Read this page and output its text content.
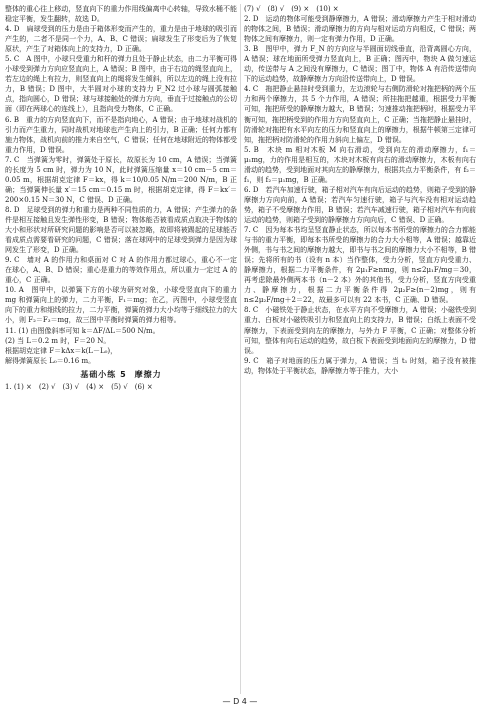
整体的重心往上移动，竖直向下的重力作用线偏离中心转轴，导致水桶不能稳定平衡，发生翻转，故选 D。

4. D　扁球受到的压力是由于箱体形变而产生的，重力是由于地球的吸引而产生的，二者不是同一个力，A、B、C 错误；扁球发生了形变后为了恢复原状，产生了对箱体向上的支持力，D 正确。

5. C　A 图中，小球只受重力和杆的弹力且处于静止状态，由二力平衡可得小球受到弹力方向应竖直向上，A 错误；B 图中，由于右边的绳竖直向上，若左边的绳上有拉力，则竖直向上的绳将发生倾斜，所以左边的绳上没有拉力，B 错误；D 图中，大半圆对小球的支持力 F_N2 过小球与圆弧接触点，指向圆心，D 错误；球与球接触处的弹力方向，垂直于过接触点的公切面（即在两球心的连线上），且指向受力物体，C 正确。

6. B　重力的方向竖直向下，而不是指向地心，A 错误；由于地球对战机的引力而产生重力，同时战机对地球也产生向上的引力，B 正确；任何力都有施力物体，战机向前的推力来自空气，C 错误；任何在地球附近的物体都受重力作用，D 错误。

7. C　当弹簧为零时，弹簧处于原长，故原长为 10 cm，A 错误；当弹簧的长度为 5 cm 时，弹力为 10 N，此时弹簧压缩量 x＝10 cm－5 cm＝0.05 m，根据胡克定律 F＝kx，得 k＝10/0.05 N/m＝200 N/m，B 正确；当弹簧伸长量 x′＝15 cm＝0.15 m 时，根据胡克定律，得 F＝kx′＝200×0.15 N＝30 N，C 错误、D 正确。

8. D　足球受到的弹力和重力是两种不同性质的力，A 错误；产生弹力的条件是相互接触且发生弹性形变，B 错误；物体能否被看成质点取决于物体的大小和形状对所研究问题的影响是否可以被忽略，故即将被踢起的足球能否看成质点需要看研究的问题，C 错误；落在球网中的足球受到弹力是因为球网发生了形变，D 正确。

9. C　墙对 A 的作用力和桌面对 C 对 A 的作用力都过球心，重心不一定在球心，A、B、D 错误；重心是重力的等效作用点，所以重力一定过 A 的重心，C 正确。

10. A　图甲中，以弹簧下方的小球为研究对象，小球受竖直向下的重力 mg 和弹簧向上的弹力，二力平衡，F₁＝mg；在乙，丙图中，小球受竖直向下的重力和细线的拉力，二力平衡，弹簧的弹力大小均等于细线拉力的大小，则 F₂＝F₃＝mg，故三图中平衡时弹簧的弹力相等。

11. (1) 由图像斜率可知 k＝ΔF/ΔL＝500 N/m。

(2) 当 L＝0.2 m 时，F＝20 N。

根据胡克定律 F＝kΔx＝k(L－L₀)，

解得弹簧原长 L₀＝0.16 m。

基础小练 5 摩擦力

1. (1) ×　(2) √　(3) √　(4) ×　(5) √　(6) ×

(7) √　(8) √　(9) ×　(10) ×

2. D　运动的物体可能受到静摩擦力，A 错误；滑动摩擦力产生于相对滑动的物体之间，B 错误；滑动摩擦力的方向与相对运动方向相反，C 错误；两物体之间有摩擦力，则一定有弹力作用，D 正确。

3. B　图甲中，弹力 F_N 的方向应与半圆面切线垂直，沿背离圆心方向，A 错误；球在地面所受弹力竖直向上，B 正确；图丙中，物块 A 做匀速运动，传送带与 A 之间没有摩擦力，C 错误；图丁中，物体 A 有沿传送带向下的运动趋势，故静摩擦力方向沿传送带向上，D 错误。

4. C　拖把静止悬挂时受到重力，左边滚轮与右侧防滑轮对拖把柄的两个压力和两个摩擦力，共 5 个力作用，A 错误；所挂拖把越重，根据受力平衡可知，拖把所受的静摩擦力越大，B 错误；匀速推动拖把柄时，根据受力平衡可知，拖把柄受到的作用力方向竖直向上，C 正确；当拖把静止悬挂时，防滑轮对拖把有水平向左的压力和竖直向上的摩擦力，根据牛顿第三定律可知，拖把柄对防滑轮的作用力斜向上偏左，D 错误。

5. B　木块 m 相对木板 M 向右滑动，受到向左的滑动摩擦力，f₁＝μ₁mg，力的作用是相互的，木块对木板有向右的滑动摩擦力，木板有向右滑动的趋势，受到地面对其向左的静摩擦力，根据共点力平衡条件，有 f₂＝f₁，则 f₂＝μ₁mg，B 正确。

6. D　若汽车加速行驶，箱子相对汽车有向后运动的趋势，则箱子受到的静摩擦力方向向前，A 错误；若汽车匀速行驶，箱子与汽车没有相对运动趋势，箱子不受摩擦力作用，B 错误；若汽车减速行驶，箱子相对汽车有向前运动的趋势，则箱子受到的静摩擦力方向向后，C 错误、D 正确。

7. C　因为每本书均呈竖直静止状态，所以每本书所受的摩擦力的合力都能与书的重力平衡，即每本书所受的摩擦力的合力大小相等，A 错误；越靠近外侧，书与书之间的摩擦力越大，即书与书之间的摩擦力大小不相等，B 错误；先将所有的书（设有 n 本）当作整体，受力分析，竖直方向受重力、静摩擦力，根据二力平衡条件，有 2μ₁F≥nmg，则 n≤2μ₁F/mg＝30，再考虑除最外侧两本书（n－2 本）外的其他书，受力分析，竖直方向受重力、静摩擦力，根据二力平衡条件得 2μ₂F≥(n－2)mg，则有 n≤2μ₂F/mg＋2＝22，故最多可以有 22 本书，C 正确、D 错误。

8. C　小磁铁处于静止状态，在水平方向不受摩擦力，A 错误；小磁铁受到重力、白板对小磁铁吸引力和竖直向上的支持力，B 错误；白纸上表面不受摩擦力，下表面受到向左的摩擦力，与外力 F 平衡，C 正确；对整体分析可知，整体有向右运动的趋势，故白板下表面受到地面向左的摩擦力，D 错误。

9. C　箱子对地面的压力属于弹力，A 错误；当 t₁ 时刻，箱子没有被推动，物体处于平衡状态，静摩擦力等于推力，大小

— D 4 —
